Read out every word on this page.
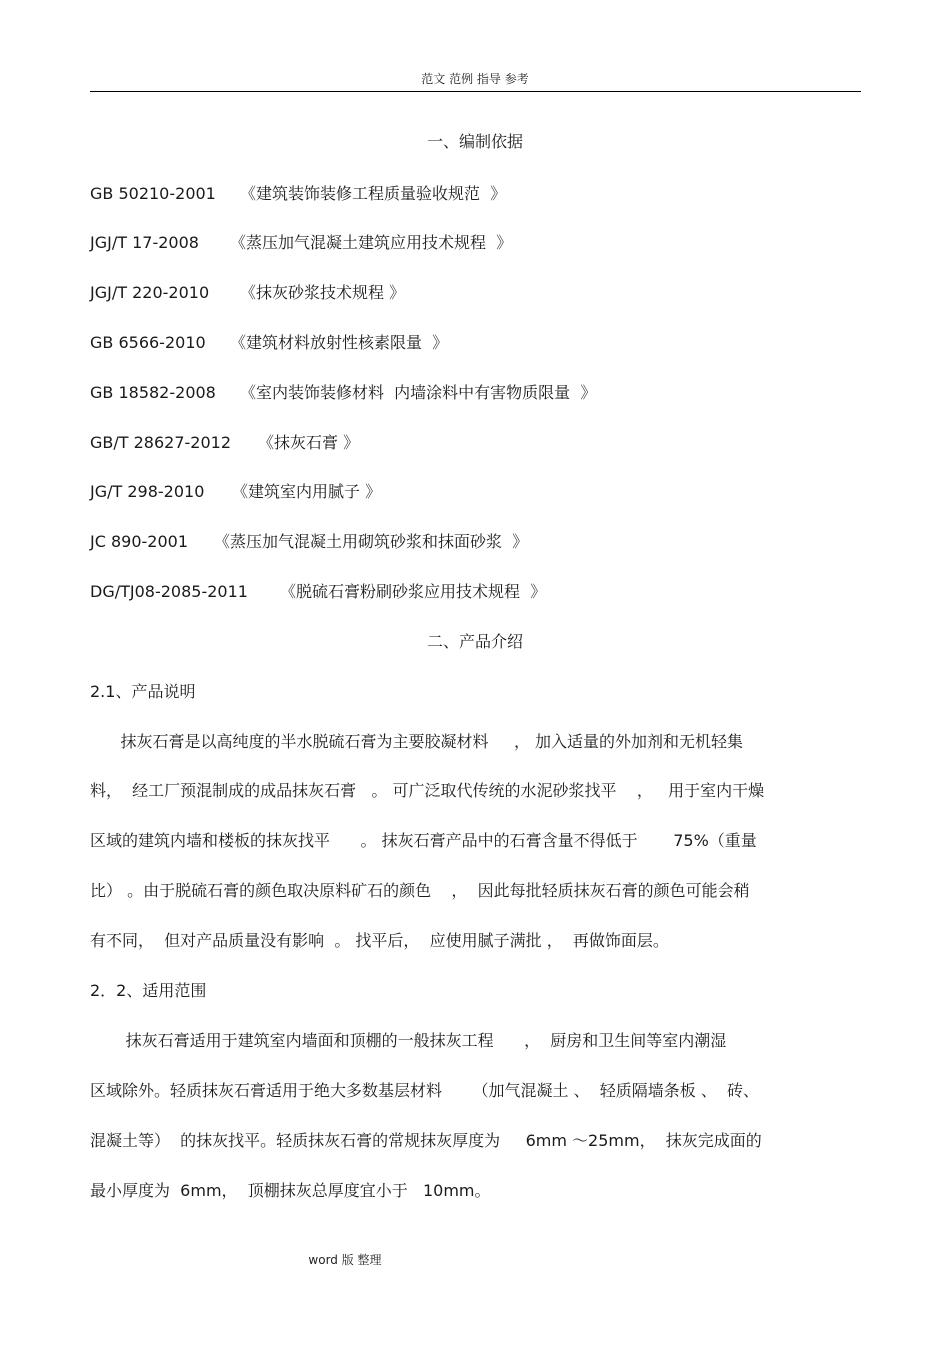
范文 范例 指导 参考
一、编制依据
GB 50210-2001 《建筑装饰装修工程质量验收规范  》
JGJ/T 17-2008 《蒸压加气混凝土建筑应用技术规程  》
JGJ/T 220-2010 《抹灰砂浆技术规程 》
GB 6566-2010 《建筑材料放射性核素限量  》
GB 18582-2008 《室内装饰装修材料  内墙涂料中有害物质限量  》
GB/T 28627-2012 《抹灰石膏 》
JG/T 298-2010 《建筑室内用腻子 》
JC 890-2001 《蒸压加气混凝土用砌筑砂浆和抹面砂浆  》
DG/TJ08-2085-2011 《脱硫石膏粉刷砂浆应用技术规程  》
二、产品介绍
2.1、产品说明
抹灰石膏是以高纯度的半水脱硫石膏为主要胶凝材料     ， 加入适量的外加剂和无机轻集
料，  经工厂预混制成的成品抹灰石膏   。 可广泛取代传统的水泥砂浆找平    ，   用于室内干燥
区域的建筑内墙和楼板的抹灰找平      。 抹灰石膏产品中的石膏含量不得低于       75%（重量
比） 。由于脱硫石膏的颜色取决原料矿石的颜色    ，  因此每批轻质抹灰石膏的颜色可能会稍
有不同，  但对产品质量没有影响  。 找平后，  应使用腻子满批 ，  再做饰面层。
2．2、适用范围
抹灰石膏适用于建筑室内墙面和顶棚的一般抹灰工程      ，  厨房和卫生间等室内潮湿
区域除外。轻质抹灰石膏适用于绝大多数基层材料      （加气混凝土 、  轻质隔墙条板 、  砖、
混凝土等）  的抹灰找平。轻质抹灰石膏的常规抹灰厚度为     6mm ～25mm，  抹灰完成面的
最小厚度为  6mm，  顶棚抹灰总厚度宜小于   10mm。
word 版 整理
